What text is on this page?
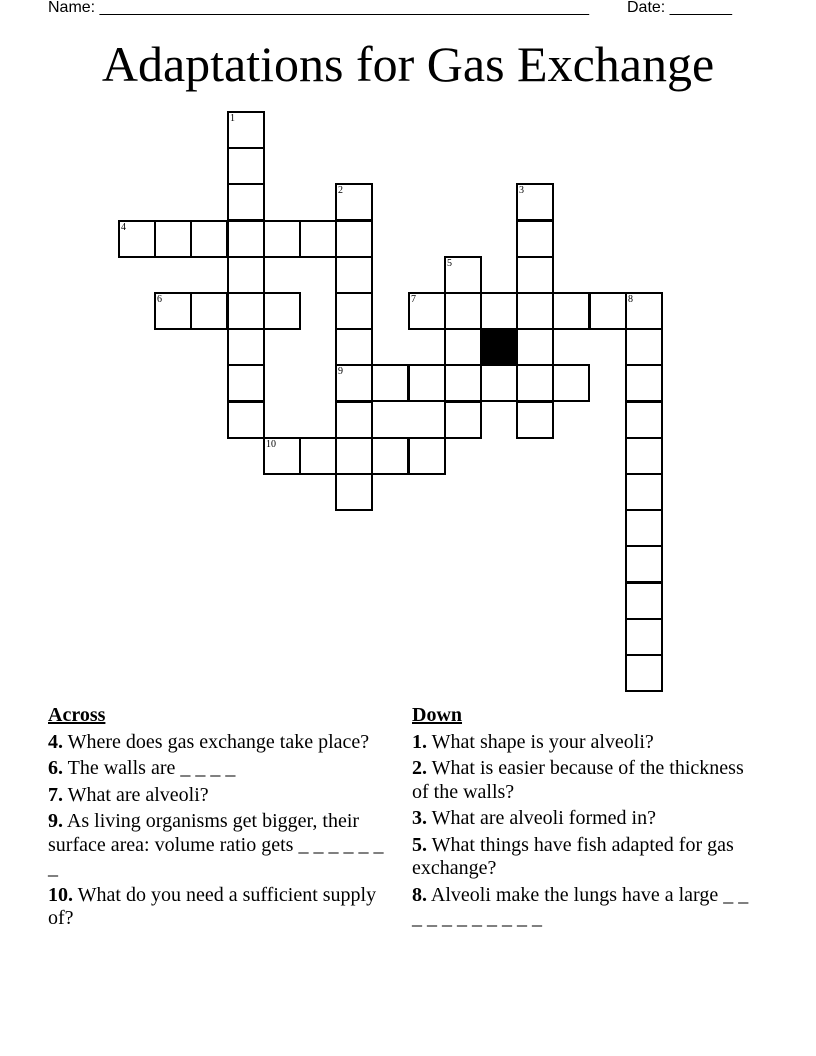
Name: _______________________________________________________ Date: _______
Adaptations for Gas Exchange
1
2
9
3
4
5
6	7	8
10
Across
4. Where does gas exchange take place?
6. The walls are _ _ _ _
7. What are alveoli?
9. As living organisms get bigger, their surface area: volume ratio gets _ _ _ _ _ _ _
10. What do you need a sufficient supply of?
Down
1. What shape is your alveoli?
2. What is easier because of the thickness of the walls?
3. What are alveoli formed in?
5. What things have fish adapted for gas exchange?
8. Alveoli make the lungs have a large _ _ _ _ _ _ _ _ _ _ _
